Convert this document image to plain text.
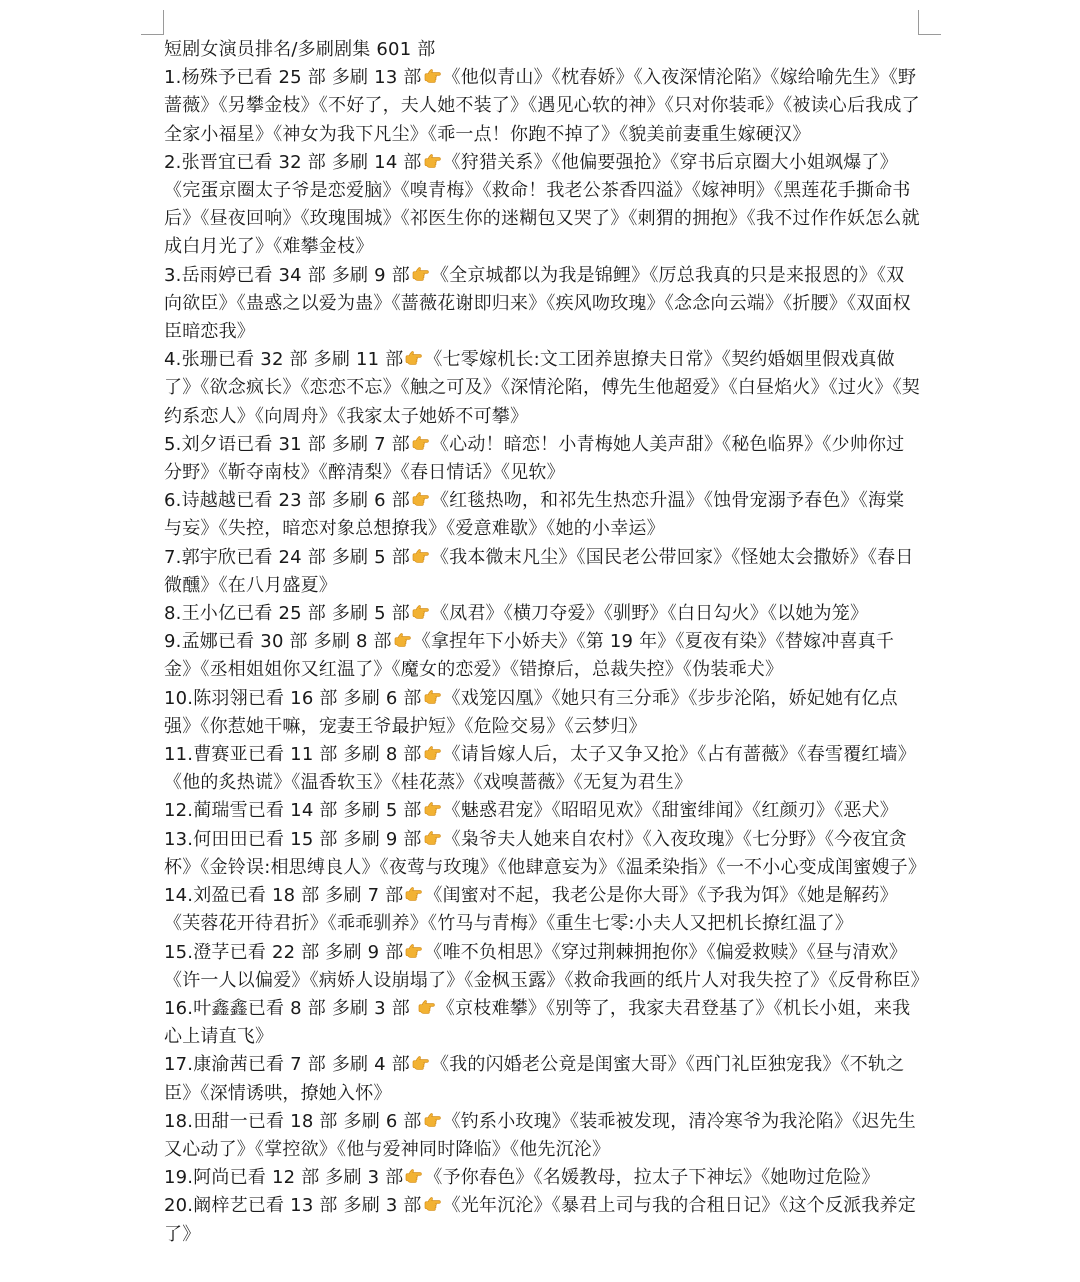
短剧女演员排名/多刷剧集 601 部

1.杨殊予已看 25 部 多刷 13 部 《他似青山》《枕春娇》《入夜深情沦陷》《嫁给喻先生》《野蔷薇》《另攀金枝》《不好了，夫人她不装了》《遇见心软的神》《只对你装乖》《被读心后我成了全家小福星》《神女为我下凡尘》《乖一点！你跑不掉了》《貌美前妻重生嫁硬汉》

2.张晋宜已看 32 部 多刷 14 部 《狩猎关系》《他偏要强抢》《穿书后京圈大小姐飒爆了》《完蛋京圈太子爷是恋爱脑》《嗅青梅》《救命！我老公茶香四溢》《嫁神明》《黑莲花手撕命书后》《昼夜回响》《玫瑰围城》《祁医生你的迷糊包又哭了》《刺猬的拥抱》《我不过作作妖怎么就成白月光了》《难攀金枝》

3.岳雨婷已看 34 部 多刷 9 部 《全京城都以为我是锦鲤》《厉总我真的只是来报恩的》《双向欲臣》《蛊惑之以爱为蛊》《蔷薇花谢即归来》《疾风吻玫瑰》《念念向云端》《折腰》《双面权臣暗恋我》

4.张珊已看 32 部 多刷 11 部 《七零嫁机长:文工团养崽撩夫日常》《契约婚姻里假戏真做了》《欲念疯长》《恋恋不忘》《触之可及》《深情沦陷，傅先生他超爱》《白昼焰火》《过火》《契约系恋人》《向周舟》《我家太子她娇不可攀》

5.刘夕语已看 31 部 多刷 7 部 《心动！暗恋！小青梅她人美声甜》《秘色临界》《少帅你过分野》《靳夺南枝》《醉清梨》《春日情话》《见软》

6.诗越越已看 23 部 多刷 6 部 《红毯热吻，和祁先生热恋升温》《蚀骨宠溺予春色》《海棠与妄》《失控，暗恋对象总想撩我》《爱意难歇》《她的小幸运》

7.郭宇欣已看 24 部 多刷 5 部 《我本微末凡尘》《国民老公带回家》《怪她太会撒娇》《春日微醺》《在八月盛夏》

8.王小亿已看 25 部 多刷 5 部 《凤君》《横刀夺爱》《驯野》《白日勾火》《以她为笼》

9.孟娜已看 30 部 多刷 8 部 《拿捏年下小娇夫》《第 19 年》《夏夜有染》《替嫁冲喜真千金》《丞相姐姐你又红温了》《魔女的恋爱》《错撩后，总裁失控》《伪装乖犬》

10.陈羽翎已看 16 部 多刷 6 部 《戏笼囚凰》《她只有三分乖》《步步沦陷，娇妃她有亿点强》《你惹她干嘛，宠妻王爷最护短》《危险交易》《云梦归》

11.曹赛亚已看 11 部 多刷 8 部 《请旨嫁人后，太子又争又抢》《占有蔷薇》《春雪覆红墙》《他的炙热谎》《温香软玉》《桂花蒸》《戏嗅蔷薇》《无复为君生》

12.蔺瑞雪已看 14 部 多刷 5 部 《魅惑君宠》《昭昭见欢》《甜蜜绯闻》《红颜刃》《恶犬》

13.何田田已看 15 部 多刷 9 部 《枭爷夫人她来自农村》《入夜玫瑰》《七分野》《今夜宜贪杯》《金铃误:相思缚良人》《夜莺与玫瑰》《他肆意妄为》《温柔染指》《一不小心变成闺蜜嫂子》

14.刘盈已看 18 部 多刷 7 部 《闺蜜对不起，我老公是你大哥》《予我为饵》《她是解药》《芙蓉花开待君折》《乖乖驯养》《竹马与青梅》《重生七零:小夫人又把机长撩红温了》

15.澄芓已看 22 部 多刷 9 部 《唯不负相思》《穿过荆棘拥抱你》《偏爱救赎》《昼与清欢》《许一人以偏爱》《病娇人设崩塌了》《金枫玉露》《救命我画的纸片人对我失控了》《反骨称臣》

16.叶鑫鑫已看 8 部 多刷 3 部 《京枝难攀》《别等了，我家夫君登基了》《机长小姐，来我心上请直飞》

17.康渝茜已看 7 部 多刷 4 部 《我的闪婚老公竟是闺蜜大哥》《西门礼臣独宠我》《不轨之臣》《深情诱哄，撩她入怀》

18.田甜一已看 18 部 多刷 6 部 《钓系小玫瑰》《装乖被发现，清冷寒爷为我沦陷》《迟先生又心动了》《掌控欲》《他与爱神同时降临》《他先沉沦》

19.阿尚已看 12 部 多刷 3 部 《予你春色》《名媛教母，拉太子下神坛》《她吻过危险》

20.阚梓艺已看 13 部 多刷 3 部 《光年沉沦》《暴君上司与我的合租日记》《这个反派我养定了》
